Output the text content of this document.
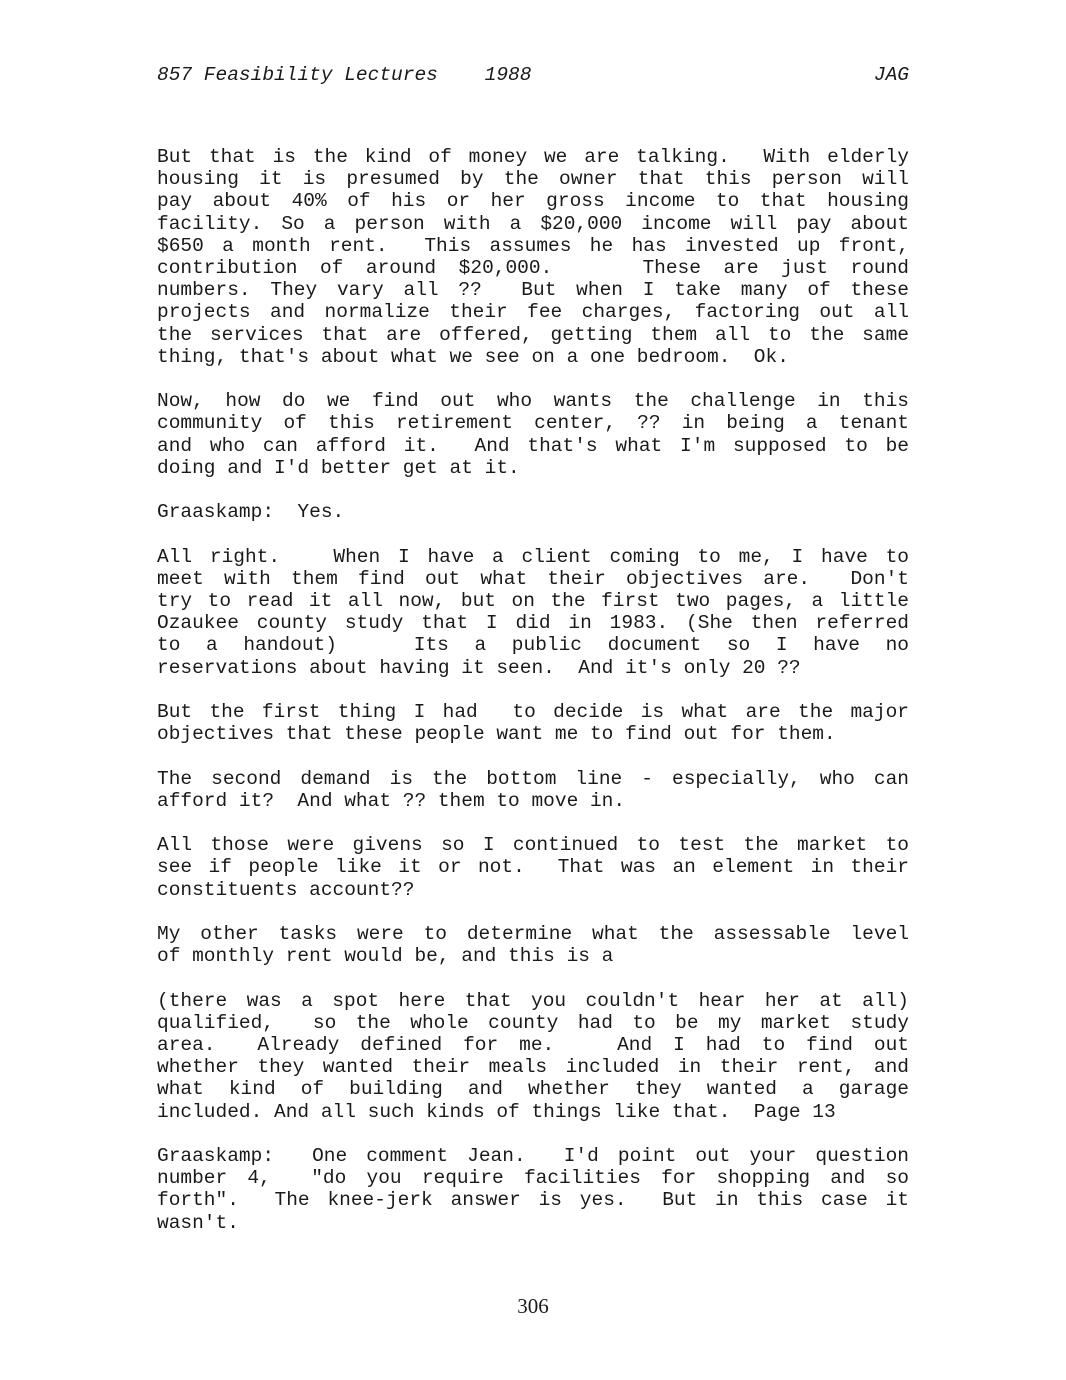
857 Feasibility Lectures    1988	JAG
But that is the kind of money we are talking.  With elderly
housing it is presumed by the owner that this person will
pay about 40% of his or her gross income to that housing
facility. So a person with a $20,000 income will pay about
$650 a month rent.  This assumes he has invested up front,
contribution of around $20,000.    These are just round
numbers. They vary all ??  But when I take many of these
projects and normalize their fee charges, factoring out all
the services that are offered, getting them all to the same
thing, that's about what we see on a one bedroom.  Ok.
Now, how do we find out who wants the challenge in this
community of this retirement center, ?? in being a tenant
and who can afford it.  And that's what I'm supposed to be
doing and I'd better get at it.
Graaskamp:  Yes.
All right.   When I have a client coming to me, I have to
meet with them find out what their objectives are.  Don't
try to read it all now, but on the first two pages, a little
Ozaukee county study that I did in 1983. (She then referred
to a handout)   Its a public document so I have no
reservations about having it seen.  And it's only 20 ??
But the first thing I had  to decide is what are the major
objectives that these people want me to find out for them.
The second demand is the bottom line - especially, who can
afford it?  And what ?? them to move in.
All those were givens so I continued to test the market to
see if people like it or not.  That was an element in their
constituents account??
My other tasks were to determine what the assessable level
of monthly rent would be, and this is a
(there was a spot here that you couldn't hear her at all)
qualified,  so the whole county had to be my market study
area.  Already defined for me.   And I had to find out
whether they wanted their meals included in their rent, and
what kind of building and whether they wanted a garage
included. And all such kinds of things like that.  Page 13
Graaskamp:  One comment Jean.  I'd point out your question
number 4,  "do you require facilities for shopping and so
forth".  The knee-jerk answer is yes.  But in this case it
wasn't.
306
